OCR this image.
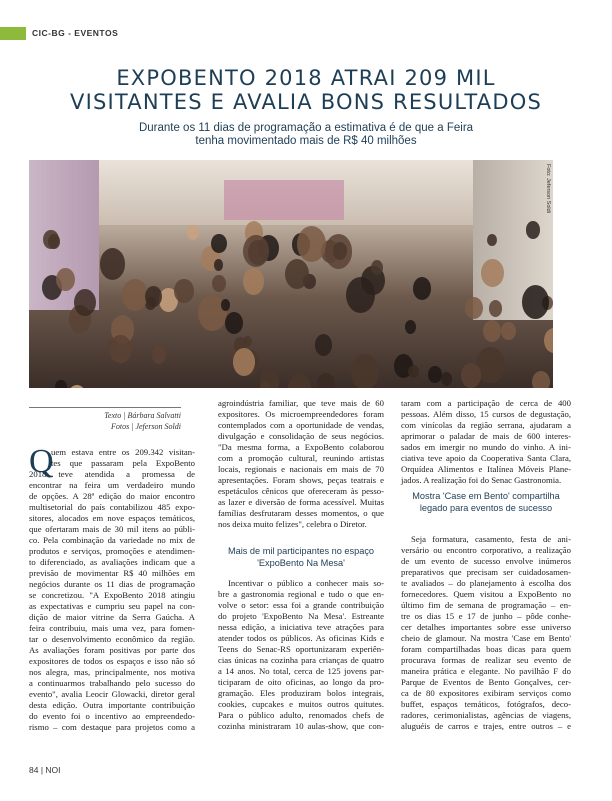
CIC-BG - EVENTOS
EXPOBENTO 2018 ATRAI 209 MIL
VISITANTES E AVALIA BONS RESULTADOS
Durante os 11 dias de programação a estimativa é de que a Feira
tenha movimentado mais de R$ 40 milhões
Foto: Jeferson Soldi
Texto | Bárbara Salvatti
Fotos | Jeferson Soldi
Q
uem estava entre os 209.342 visitan-
tes que passaram pela ExpoBento
2018 teve atendida a promessa de
encontrar na feira um verdadeiro mundo
de opções. A 28ª edição do maior encontro
multisetorial do país contabilizou 485 expo-
sitores, alocados em nove espaços temáticos,
que ofertaram mais de 30 mil itens ao públi-
co. Pela combinação da variedade no mix de
produtos e serviços, promoções e atendimen-
to diferenciado, as avaliações indicam que a
previsão de movimentar R$ 40 milhões em
negócios durante os 11 dias de programação
se concretizou. "A ExpoBento 2018 atingiu
as expectativas e cumpriu seu papel na con-
dição de maior vitrine da Serra Gaúcha. A
feira contribuiu, mais uma vez, para fomen-
tar o desenvolvimento econômico da região.
As avaliações foram positivas por parte dos
expositores de todos os espaços e isso não só
nos alegra, mas, principalmente, nos motiva
a continuarmos trabalhando pelo sucesso do
evento", avalia Leocir Glowacki, diretor geral
desta edição. Outra importante contribuição
do evento foi o incentivo ao empreendedo-
rismo – com destaque para projetos como a
agroindústria familiar, que teve mais de 60
expositores. Os microempreendedores foram
contemplados com a oportunidade de vendas,
divulgação e consolidação de seus negócios.
"Da mesma forma, a ExpoBento colaborou
com a promoção cultural, reunindo artistas
locais, regionais e nacionais em mais de 70
apresentações. Foram shows, peças teatrais e
espetáculos cênicos que ofereceram às pesso-
as lazer e diversão de forma acessível. Muitas
famílias desfrutaram desses momentos, o que
nos deixa muito felizes", celebra o Diretor.
Mais de mil participantes no espaço
'ExpoBento Na Mesa'
Incentivar o público a conhecer mais so-
bre a gastronomia regional e tudo o que en-
volve o setor: essa foi a grande contribuição
do projeto 'ExpoBento Na Mesa'. Estreante
nessa edição, a iniciativa teve atrações para
atender todos os públicos. As oficinas Kids e
Teens do Senac-RS oportunizaram experiên-
cias únicas na cozinha para crianças de quatro
a 14 anos. No total, cerca de 125 jovens par-
ticiparam de oito oficinas, ao longo da pro-
gramação. Eles produziram bolos integrais,
cookies, cupcakes e muitos outros quitutes.
Para o público adulto, renomados chefs de
cozinha ministraram 10 aulas-show, que con-
taram com a participação de cerca de 400
pessoas. Além disso, 15 cursos de degustação,
com vinícolas da região serrana, ajudaram a
aprimorar o paladar de mais de 600 interes-
sados em imergir no mundo do vinho. A ini-
ciativa teve apoio da Cooperativa Santa Clara,
Orquídea Alimentos e Italínea Móveis Plane-
jados. A realização foi do Senac Gastronomia.
Mostra 'Case em Bento' compartilha
legado para eventos de sucesso
Seja formatura, casamento, festa de ani-
versário ou encontro corporativo, a realização
de um evento de sucesso envolve inúmeros
preparativos que precisam ser cuidadosamen-
te avaliados – do planejamento à escolha dos
fornecedores. Quem visitou a ExpoBento no
último fim de semana de programação – en-
tre os dias 15 e 17 de junho – pôde conhe-
cer detalhes importantes sobre esse universo
cheio de glamour. Na mostra 'Case em Bento'
foram compartilhadas boas dicas para quem
procurava formas de realizar seu evento de
maneira prática e elegante. No pavilhão F do
Parque de Eventos de Bento Gonçalves, cer-
ca de 80 expositores exibiram serviços como
buffet, espaços temáticos, fotógrafos, deco-
radores, cerimonialistas, agências de viagens,
aluguéis de carros e trajes, entre outros – e
84 | NOI
